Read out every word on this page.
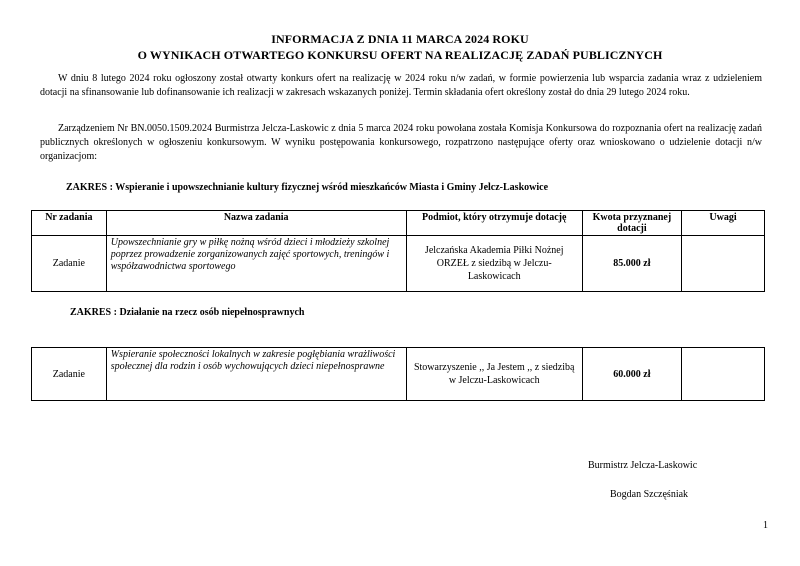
INFORMACJA Z DNIA 11 MARCA 2024 ROKU
O WYNIKACH OTWARTEGO KONKURSU OFERT NA REALIZACJĘ ZADAŃ PUBLICZNYCH
W dniu 8 lutego 2024 roku ogłoszony został otwarty konkurs ofert na realizację w 2024 roku n/w zadań, w formie powierzenia lub wsparcia zadania wraz z udzieleniem dotacji na sfinansowanie lub dofinansowanie ich realizacji w zakresach wskazanych poniżej. Termin składania ofert określony został do dnia 29 lutego 2024 roku.
Zarządzeniem Nr BN.0050.1509.2024 Burmistrza Jelcza-Laskowic z dnia 5 marca 2024 roku powołana została Komisja Konkursowa do rozpoznania ofert na realizację zadań publicznych określonych w ogłoszeniu konkursowym. W wyniku postępowania konkursowego, rozpatrzono następujące oferty oraz wnioskowano o udzielenie dotacji n/w organizacjom:
ZAKRES : Wspieranie i upowszechnianie kultury fizycznej wśród mieszkańców Miasta i Gminy Jelcz-Laskowice
Nr zadania	Nazwa zadania	Podmiot, który otrzymuje dotację	Kwota przyznanej dotacji	Uwagi
Zadanie	Upowszechnianie gry w piłkę nożną wśród dzieci i młodzieży szkolnej poprzez prowadzenie zorganizowanych zajęć sportowych, treningów i współzawodnictwa sportowego	Jelczańska Akademia Piłki Nożnej ORZEŁ z siedzibą w Jelczu-Laskowicach	85.000 zł	
ZAKRES : Działanie na rzecz osób niepełnosprawnych
Zadanie	Wspieranie społeczności lokalnych w zakresie pogłębiania wrażliwości społecznej dla rodzin i osób wychowujących dzieci niepełnosprawne	Stowarzyszenie ,, Ja Jestem ,, z siedzibą w Jelczu-Laskowicach	60.000 zł	
Burmistrz Jelcza-Laskowic
Bogdan Szczęśniak
1
